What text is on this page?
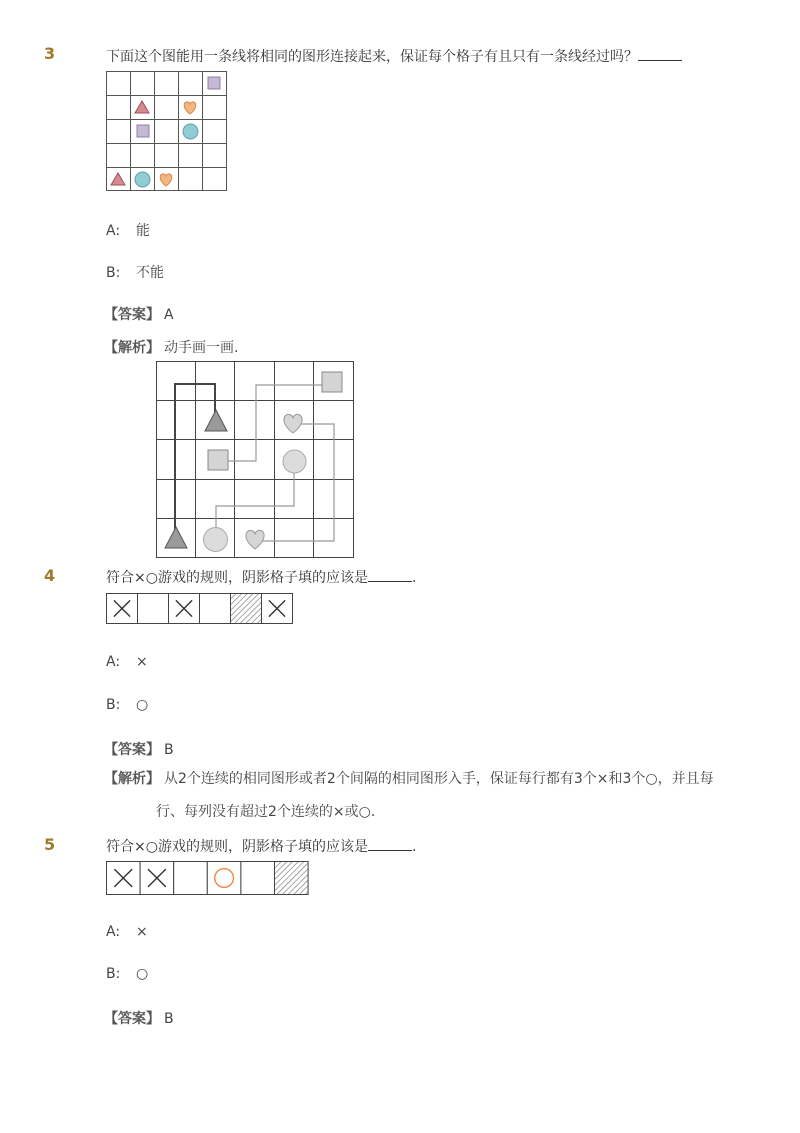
3	下面这个图能用一条线将相同的图形连接起来，保证每个格子有且只有一条线经过吗？
A: 能
B: 不能
【答案】 A
【解析】 动手画一画.
4	符合×○游戏的规则，阴影格子填的应该是	.
A: ×
B: ○
【答案】 B
【解析】 从2个连续的相同图形或者2个间隔的相同图形入手，保证每行都有3个×和3个○，并且每
行、每列没有超过2个连续的×或○.
5	符合×○游戏的规则，阴影格子填的应该是	.
A: ×
B: ○
【答案】 B
